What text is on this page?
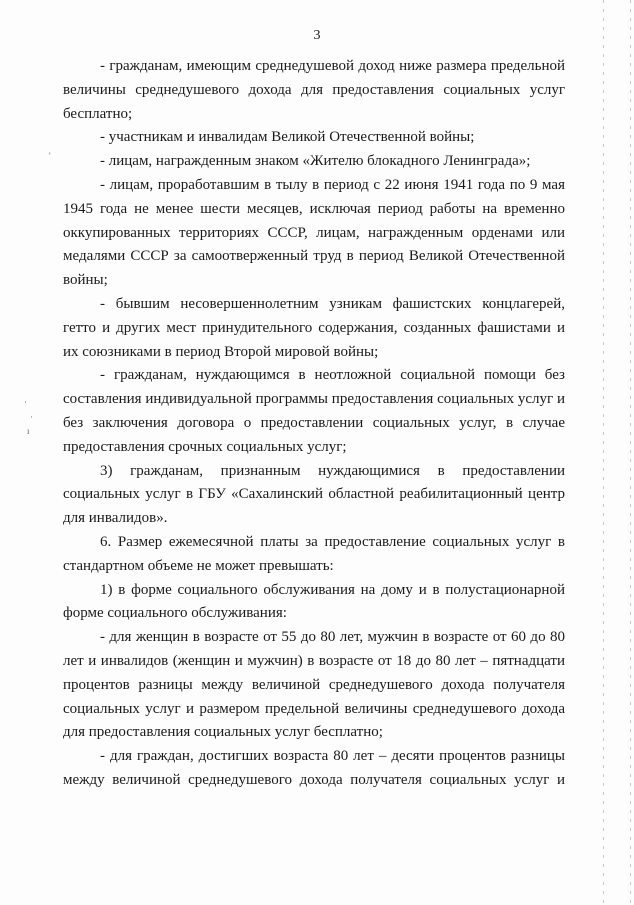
'
·
·
ı
3

- гражданам, имеющим среднедушевой доход ниже размера предельной величины среднедушевого дохода для предоставления социальных услуг бесплатно;

- участникам и инвалидам Великой Отечественной войны;

- лицам, награжденным знаком «Жителю блокадного Ленинграда»;

- лицам, проработавшим в тылу в период с 22 июня 1941 года по 9 мая 1945 года не менее шести месяцев, исключая период работы на временно оккупированных территориях СССР, лицам, награжденным орденами или медалями СССР за самоотверженный труд в период Великой Отечественной войны;

- бывшим несовершеннолетним узникам фашистских концлагерей, гетто и других мест принудительного содержания, созданных фашистами и их союзниками в период Второй мировой войны;

- гражданам, нуждающимся в неотложной социальной помощи без составления индивидуальной программы предоставления социальных услуг и без заключения договора о предоставлении социальных услуг, в случае предоставления срочных социальных услуг;

3) гражданам, признанным нуждающимися в предоставлении социальных услуг в ГБУ «Сахалинский областной реабилитационный центр для инвалидов».

6. Размер ежемесячной платы за предоставление социальных услуг в стандартном объеме не может превышать:

1) в форме социального обслуживания на дому и в полустационарной форме социального обслуживания:

- для женщин в возрасте от 55 до 80 лет, мужчин в возрасте от 60 до 80 лет и инвалидов (женщин и мужчин) в возрасте от 18 до 80 лет – пятнадцати процентов разницы между величиной среднедушевого дохода получателя социальных услуг и размером предельной величины среднедушевого дохода для предоставления социальных услуг бесплатно;

- для граждан, достигших возраста 80 лет – десяти процентов разницы между величиной среднедушевого дохода получателя социальных услуг и
